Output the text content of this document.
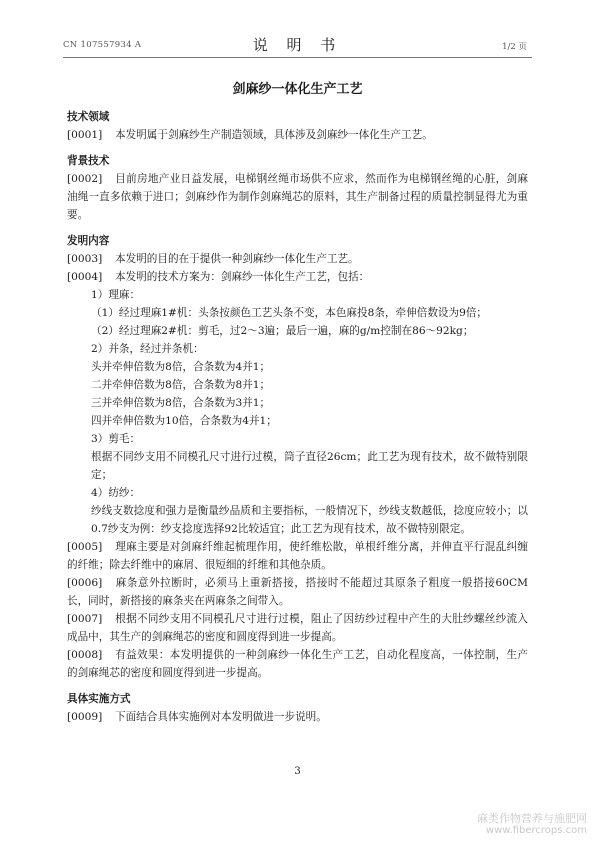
CN 107557934 A	说 明 书	1/2 页
剑麻纱一体化生产工艺
技术领域
[0001] 本发明属于剑麻纱生产制造领域，具体涉及剑麻纱一体化生产工艺。
背景技术
[0002] 目前房地产业日益发展，电梯钢丝绳市场供不应求，然而作为电梯钢丝绳的心脏，剑麻油绳一直多依赖于进口；剑麻纱作为制作剑麻绳芯的原料，其生产制备过程的质量控制显得尤为重要。
发明内容
[0003] 本发明的目的在于提供一种剑麻纱一体化生产工艺。
[0004] 本发明的技术方案为：剑麻纱一体化生产工艺，包括：
1）理麻：
（1）经过理麻1#机：头条按颜色工艺头条不变，本色麻投8条，牵伸倍数设为9倍；
（2）经过理麻2#机：剪毛，过2～3遍；最后一遍，麻的g/m控制在86～92kg；
2）并条，经过并条机：
头并牵伸倍数为8倍，合条数为4并1；
二并牵伸倍数为8倍，合条数为8并1；
三并牵伸倍数为8倍，合条数为3并1；
四并牵伸倍数为10倍，合条数为4并1；
3）剪毛：
根据不同纱支用不同模孔尺寸进行过模，筒子直径26cm；此工艺为现有技术，故不做特别限定；
4）纺纱：
纱线支数捻度和强力是衡量纱品质和主要指标，一般情况下，纱线支数越低，捻度应较小；以0.7纱支为例：纱支捻度选择92比较适宜；此工艺为现有技术，故不做特别限定。
[0005] 理麻主要是对剑麻纤维起梳理作用，使纤维松散，单根纤维分离，并伸直平行混乱纠缠的纤维；除去纤维中的麻屑、很短细的纤维和其他杂质。
[0006] 麻条意外拉断时，必须马上重新搭接，搭接时不能超过其原条子粗度一般搭接60CM长，同时，新搭接的麻条夹在两麻条之间带入。
[0007] 根据不同纱支用不同模孔尺寸进行过模，阻止了因纺纱过程中产生的大肚纱螺丝纱流入成品中，其生产的剑麻绳芯的密度和圆度得到进一步提高。
[0008] 有益效果：本发明提供的一种剑麻纱一体化生产工艺，自动化程度高，一体控制，生产的剑麻绳芯的密度和圆度得到进一步提高。
具体实施方式
[0009] 下面结合具体实施例对本发明做进一步说明。
3
麻类作物营养与施肥网
www.fibercrops.com
